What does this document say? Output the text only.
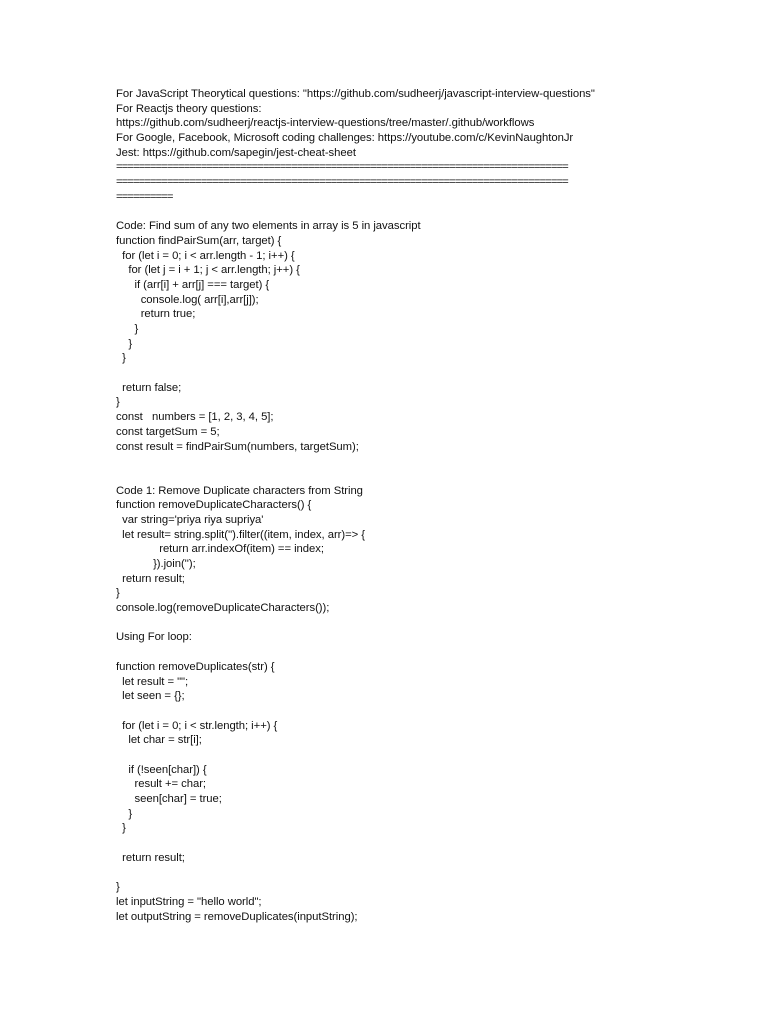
For JavaScript Theorytical questions: "https://github.com/sudheerj/javascript-interview-questions"
For Reactjs theory questions:
https://github.com/sudheerj/reactjs-interview-questions/tree/master/.github/workflows
For Google, Facebook, Microsoft coding challenges: https://youtube.com/c/KevinNaughtonJr
Jest: https://github.com/sapegin/jest-cheat-sheet
================================================================================
================================================================================
==========
Code: Find sum of any two elements in array is 5 in javascript
function findPairSum(arr, target) {
for (let i = 0; i < arr.length - 1; i++) {
for (let j = i + 1; j < arr.length; j++) {
if (arr[i] + arr[j] === target) {
console.log( arr[i],arr[j]);
return true;
}
}
}
return false;
}
const   numbers = [1, 2, 3, 4, 5];
const targetSum = 5;
const result = findPairSum(numbers, targetSum);
Code 1: Remove Duplicate characters from String
function removeDuplicateCharacters() {
var string='priya riya supriya'
let result= string.split('').filter((item, index, arr)=> {
return arr.indexOf(item) == index;
}).join('');
return result;
}
console.log(removeDuplicateCharacters());
Using For loop:
function removeDuplicates(str) {
let result = "";
let seen = {};
for (let i = 0; i < str.length; i++) {
let char = str[i];
if (!seen[char]) {
result += char;
seen[char] = true;
}
}
return result;
}
let inputString = "hello world";
let outputString = removeDuplicates(inputString);
